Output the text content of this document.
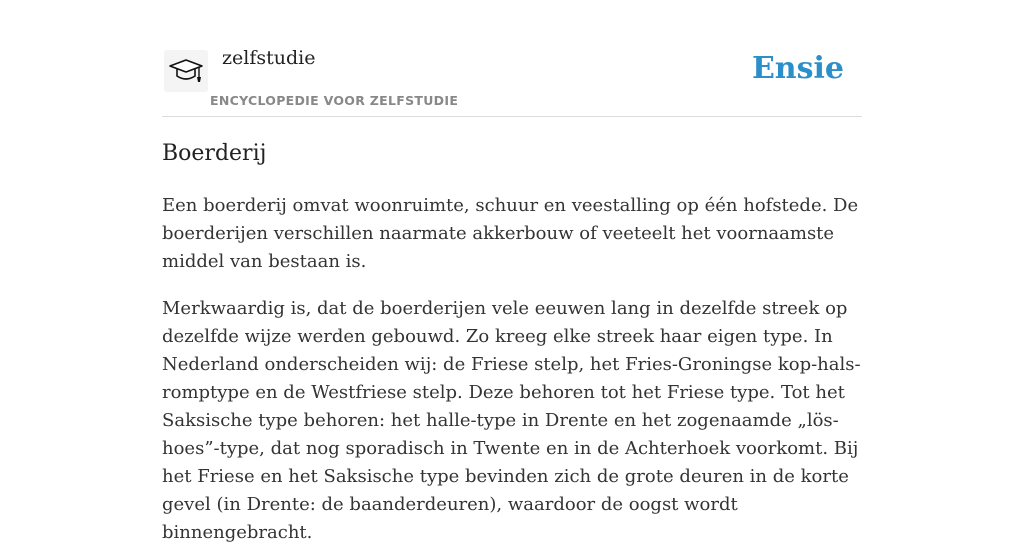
zelfstudie
ENCYCLOPEDIE VOOR ZELFSTUDIE
Ensie
Boerderij

Een boerderij omvat woonruimte, schuur en veestalling op één hofstede. De boerderijen verschillen naarmate akkerbouw of veeteelt het voornaamste middel van bestaan is.

Merkwaardig is, dat de boerderijen vele eeuwen lang in dezelfde streek op dezelfde wijze werden gebouwd. Zo kreeg elke streek haar eigen type. In Nederland onderscheiden wij: de Friese stelp, het Fries-Groningse kop-hals-romptype en de Westfriese stelp. Deze behoren tot het Friese type. Tot het Saksische type behoren: het halle-type in Drente en het zogenaamde „lös-hoes”-type, dat nog sporadisch in Twente en in de Achterhoek voorkomt. Bij het Friese en het Saksische type bevinden zich de grote deuren in de korte gevel (in Drente: de baanderdeuren), waardoor de oogst wordt binnengebracht.
